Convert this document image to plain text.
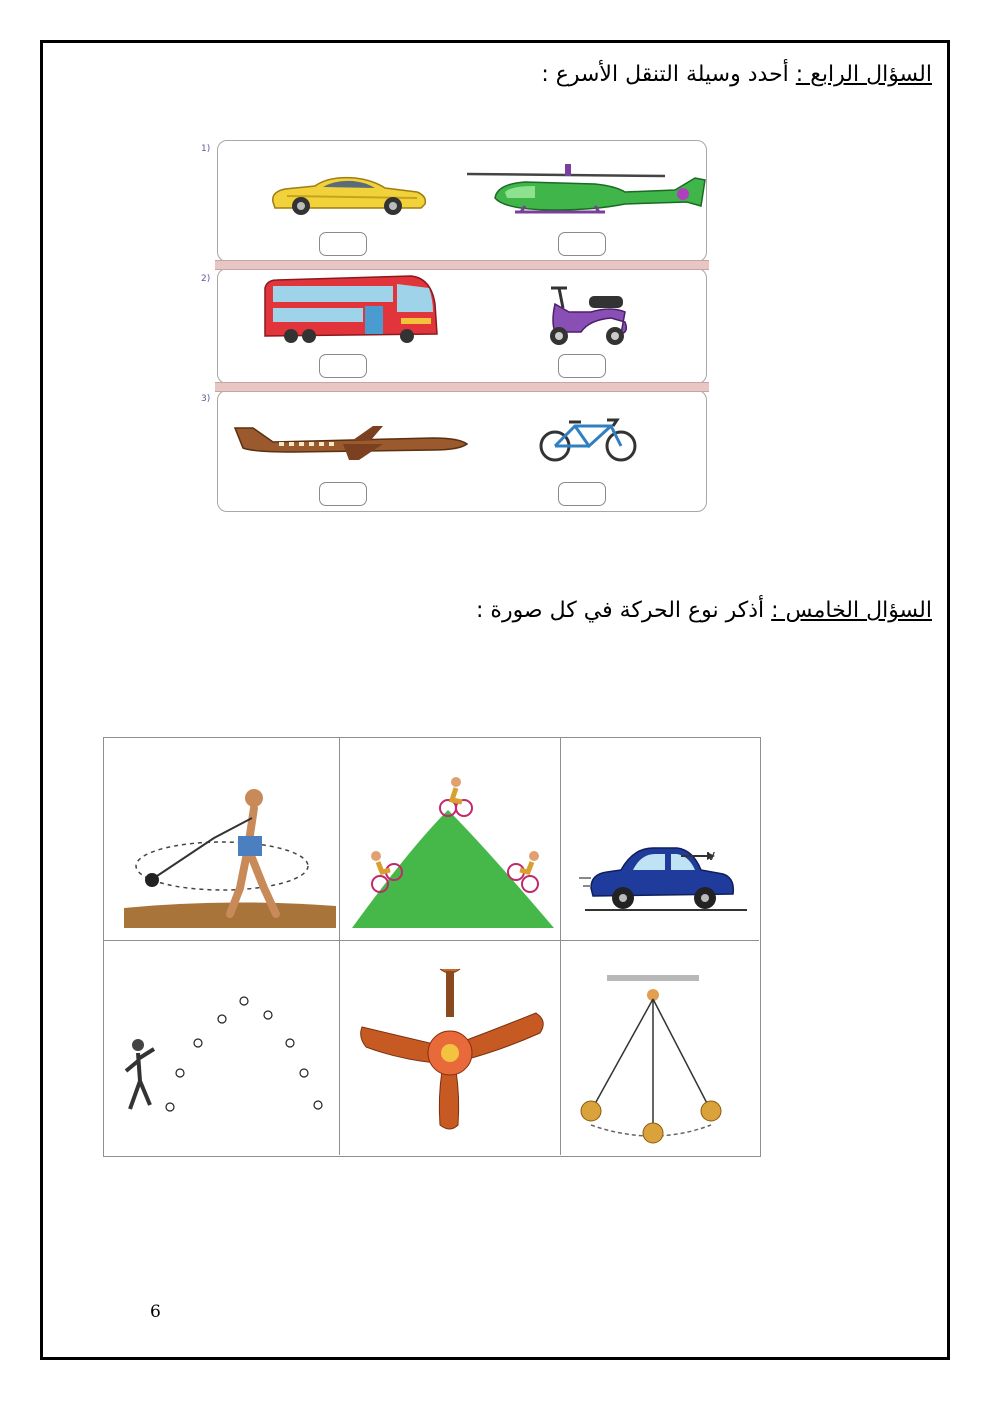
السؤال الرابع : أحدد وسيلة التنقل الأسرع :
1)
2)
3)
السؤال الخامس : أذكر نوع الحركة في كل صورة :
v
6
